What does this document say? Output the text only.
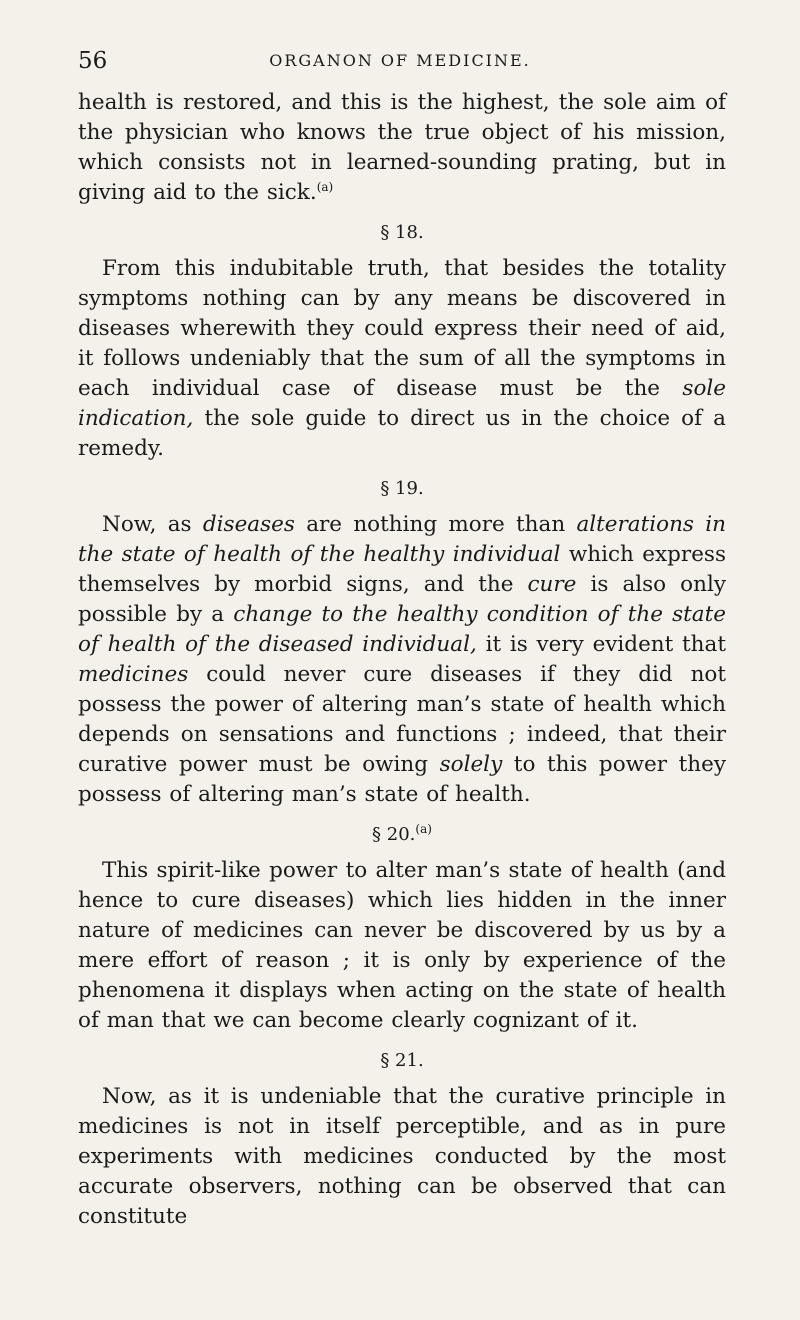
56	ORGANON OF MEDICINE.

health is restored, and this is the highest, the sole aim of the physician who knows the true object of his mission, which consists not in learned-sounding prating, but in giving aid to the sick.$^{(a)}$

§ 18.

From this indubitable truth, that besides the totality symptoms nothing can by any means be discovered in diseases wherewith they could express their need of aid, it follows undeniably that the sum of all the symptoms in each individual case of disease must be the sole indication, the sole guide to direct us in the choice of a remedy.

§ 19.

Now, as diseases are nothing more than alterations in the state of health of the healthy individual which express themselves by morbid signs, and the cure is also only possible by a change to the healthy condition of the state of health of the diseased individual, it is very evident that medicines could never cure diseases if they did not possess the power of altering man’s state of health which depends on sensations and functions ; indeed, that their curative power must be owing solely to this power they possess of altering man’s state of health.

§ 20.$^{(a)}$

This spirit-like power to alter man’s state of health (and hence to cure diseases) which lies hidden in the inner nature of medicines can never be discovered by us by a mere effort of reason ; it is only by experience of the phenomena it displays when acting on the state of health of man that we can become clearly cognizant of it.

§ 21.

Now, as it is undeniable that the curative principle in medicines is not in itself perceptible, and as in pure experiments with medicines conducted by the most accurate observers, nothing can be observed that can constitute
